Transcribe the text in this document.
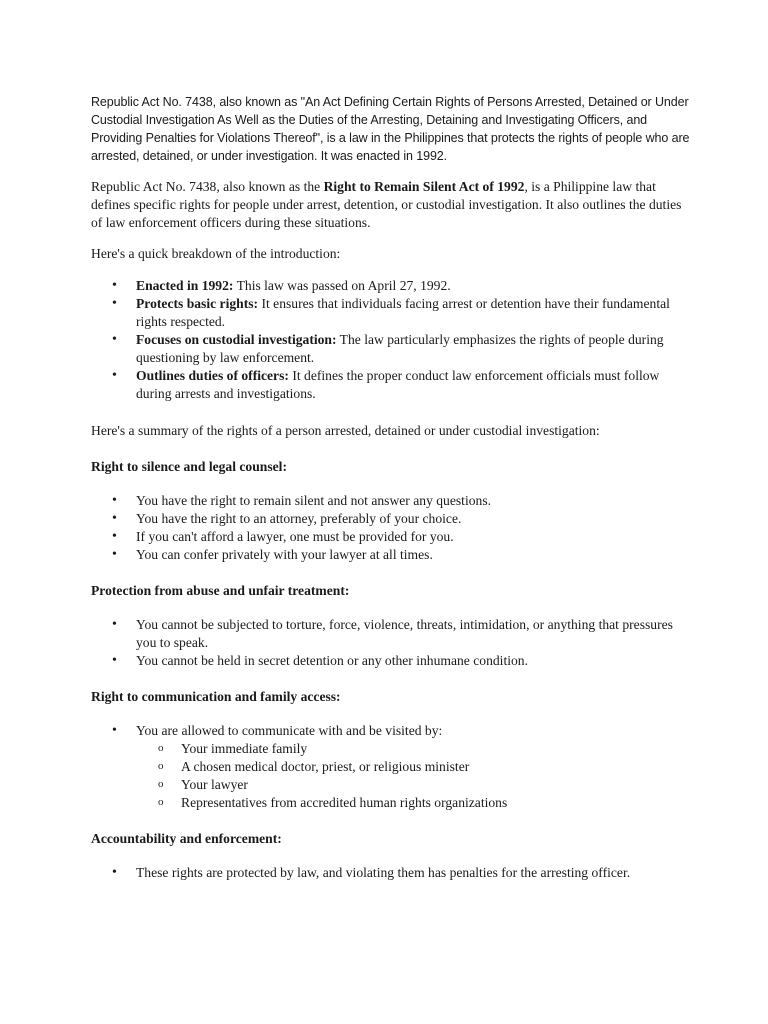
Republic Act No. 7438, also known as "An Act Defining Certain Rights of Persons Arrested, Detained or Under Custodial Investigation As Well as the Duties of the Arresting, Detaining and Investigating Officers, and Providing Penalties for Violations Thereof", is a law in the Philippines that protects the rights of people who are arrested, detained, or under investigation. It was enacted in 1992.

Republic Act No. 7438, also known as the Right to Remain Silent Act of 1992, is a Philippine law that defines specific rights for people under arrest, detention, or custodial investigation. It also outlines the duties of law enforcement officers during these situations.

Here's a quick breakdown of the introduction:

• Enacted in 1992: This law was passed on April 27, 1992.
• Protects basic rights: It ensures that individuals facing arrest or detention have their fundamental rights respected.
• Focuses on custodial investigation: The law particularly emphasizes the rights of people during questioning by law enforcement.
• Outlines duties of officers: It defines the proper conduct law enforcement officials must follow during arrests and investigations.

Here's a summary of the rights of a person arrested, detained or under custodial investigation:

Right to silence and legal counsel:

• You have the right to remain silent and not answer any questions.
• You have the right to an attorney, preferably of your choice.
• If you can't afford a lawyer, one must be provided for you.
• You can confer privately with your lawyer at all times.

Protection from abuse and unfair treatment:

• You cannot be subjected to torture, force, violence, threats, intimidation, or anything that pressures you to speak.
• You cannot be held in secret detention or any other inhumane condition.

Right to communication and family access:

• You are allowed to communicate with and be visited by:
o Your immediate family
o A chosen medical doctor, priest, or religious minister
o Your lawyer
o Representatives from accredited human rights organizations

Accountability and enforcement:

• These rights are protected by law, and violating them has penalties for the arresting officer.
